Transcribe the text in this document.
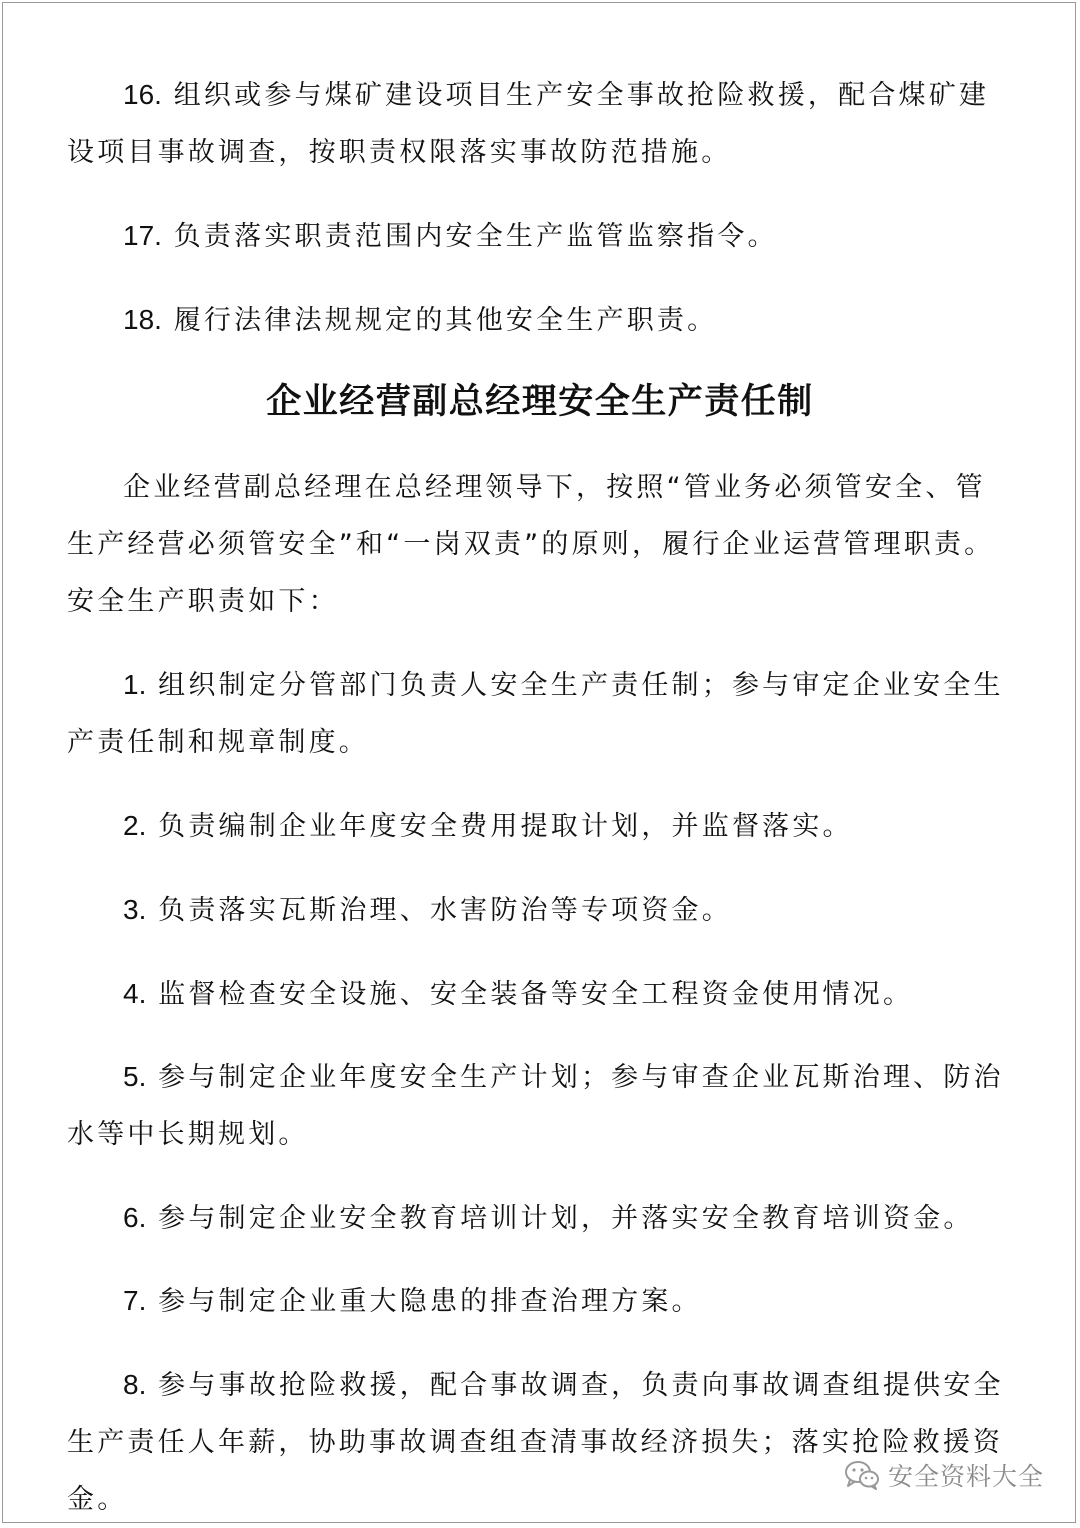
16. 组织或参与煤矿建设项目生产安全事故抢险救援，配合煤矿建设项目事故调查，按职责权限落实事故防范措施。

17. 负责落实职责范围内安全生产监管监察指令。

18. 履行法律法规规定的其他安全生产职责。

企业经营副总经理安全生产责任制

企业经营副总经理在总经理领导下，按照“管业务必须管安全、管生产经营必须管安全”和“一岗双责”的原则，履行企业运营管理职责。安全生产职责如下：

1. 组织制定分管部门负责人安全生产责任制；参与审定企业安全生产责任制和规章制度。

2. 负责编制企业年度安全费用提取计划，并监督落实。

3. 负责落实瓦斯治理、水害防治等专项资金。

4. 监督检查安全设施、安全装备等安全工程资金使用情况。

5. 参与制定企业年度安全生产计划；参与审查企业瓦斯治理、防治水等中长期规划。

6. 参与制定企业安全教育培训计划，并落实安全教育培训资金。

7. 参与制定企业重大隐患的排查治理方案。

8. 参与事故抢险救援，配合事故调查，负责向事故调查组提供安全生产责任人年薪，协助事故调查组查清事故经济损失；落实抢险救援资金。

安全资料大全
